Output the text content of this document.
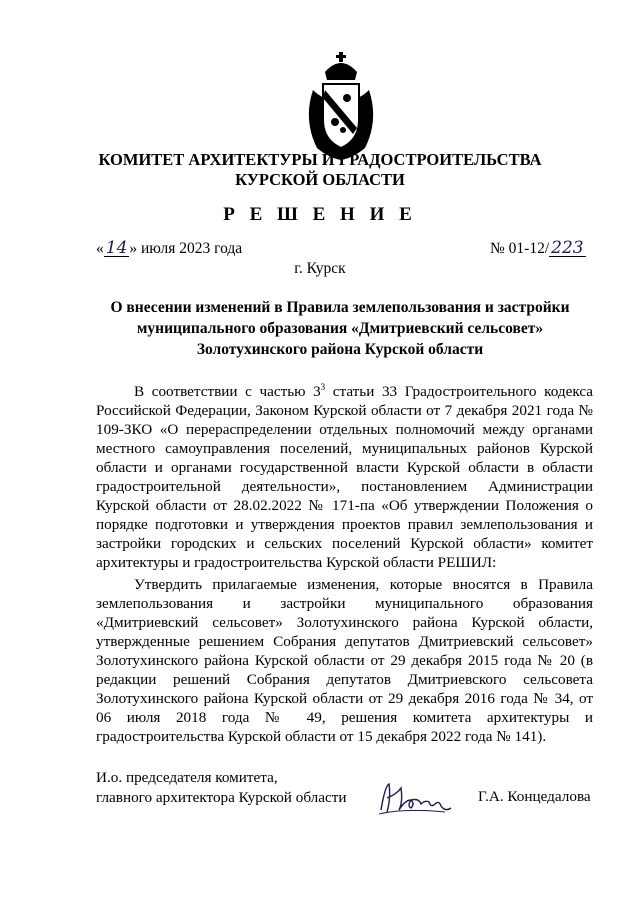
КОМИТЕТ АРХИТЕКТУРЫ И ГРАДОСТРОИТЕЛЬСТВА
КУРСКОЙ ОБЛАСТИ
Р Е Ш Е Н И Е
« 14 » июля 2023 года	№ 01-12/ 223
г. Курск
О внесении изменений в Правила землепользования и застройки
муниципального образования «Дмитриевский сельсовет»
Золотухинского района Курской области

В соответствии с частью $3^3$ статьи 33 Градостроительного кодекса Российской Федерации, Законом Курской области от 7 декабря 2021 года № 109-ЗКО «О перераспределении отдельных полномочий между органами местного самоуправления поселений, муниципальных районов Курской области и органами государственной власти Курской области в области градостроительной деятельности», постановлением Администрации Курской области от 28.02.2022 № 171-па «Об утверждении Положения о порядке подготовки и утверждения проектов правил землепользования и застройки городских и сельских поселений Курской области» комитет архитектуры и градостроительства Курской области РЕШИЛ:

Утвердить прилагаемые изменения, которые вносятся в Правила землепользования и застройки муниципального образования «Дмитриевский сельсовет» Золотухинского района Курской области, утвержденные решением Собрания депутатов Дмитриевский сельсовет» Золотухинского района Курской области от 29 декабря 2015 года № 20 (в редакции решений Собрания депутатов Дмитриевского сельсовета Золотухинского района Курской области от 29 декабря 2016 года № 34, от 06 июля 2018 года № 49, решения комитета архитектуры и градостроительства Курской области от 15 декабря 2022 года № 141).

И.о. председателя комитета,
главного архитектора Курской области	Г.А. Концедалова
